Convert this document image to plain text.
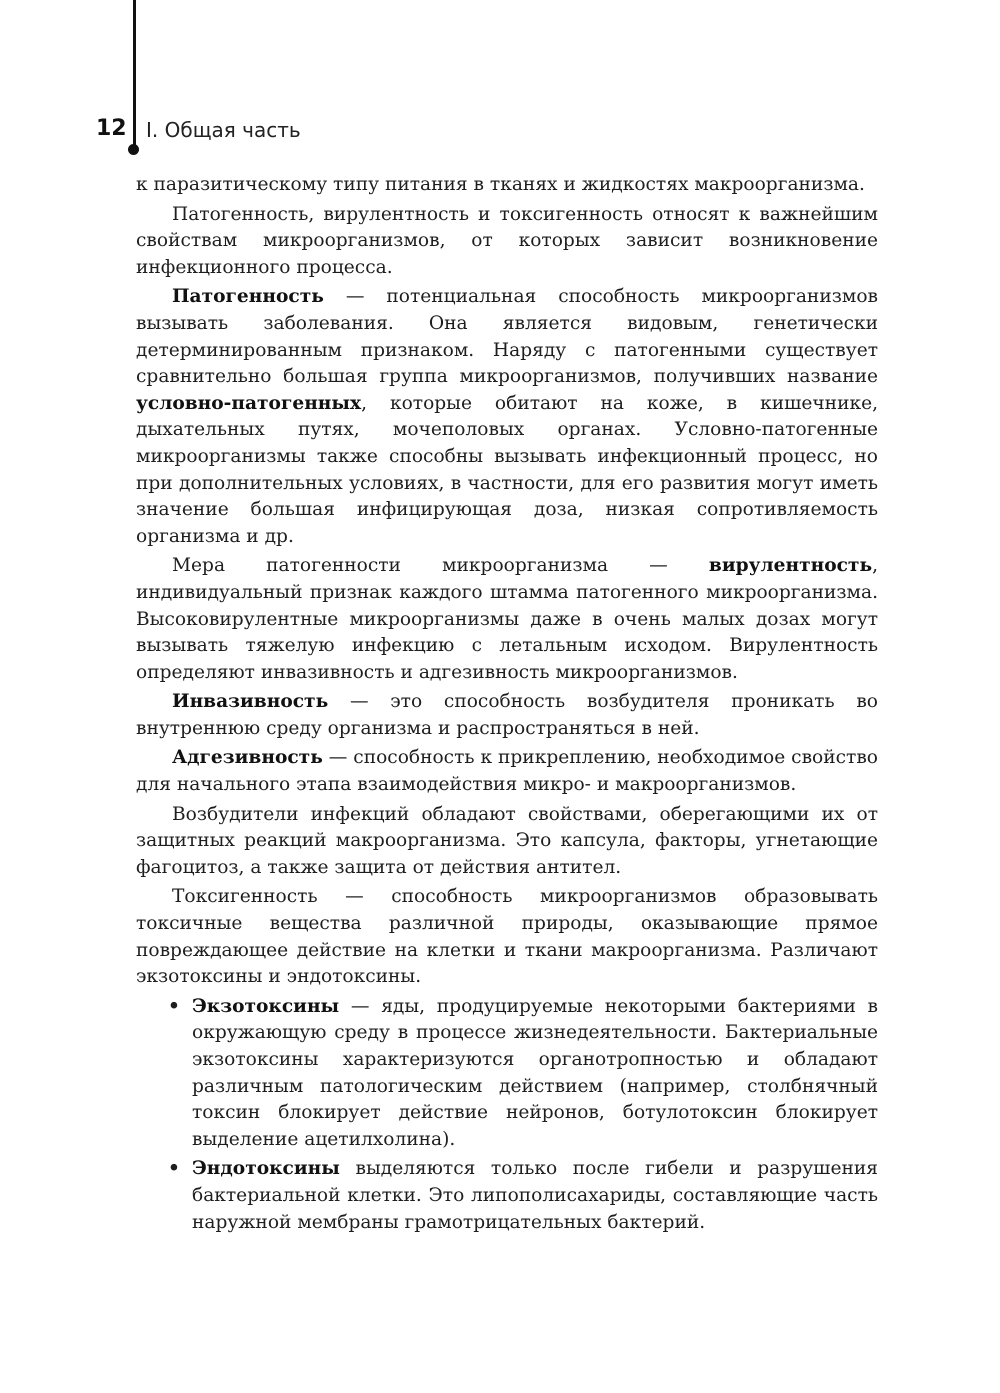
12 I. Общая часть

к паразитическому типу питания в тканях и жидкостях макроорганизма.

Патогенность, вирулентность и токсигенность относят к важнейшим свойствам микроорганизмов, от которых зависит возникновение инфекционного процесса.

Патогенность — потенциальная способность микроорганизмов вызывать заболевания. Она является видовым, генетически детерминированным признаком. Наряду с патогенными существует сравнительно большая группа микроорганизмов, получивших название условно-патогенных, которые обитают на коже, в кишечнике, дыхательных путях, мочеполовых органах. Условно-патогенные микроорганизмы также способны вызывать инфекционный процесс, но при дополнительных условиях, в частности, для его развития могут иметь значение большая инфицирующая доза, низкая сопротивляемость организма и др.

Мера патогенности микроорганизма — вирулентность, индивидуальный признак каждого штамма патогенного микроорганизма. Высоковирулентные микроорганизмы даже в очень малых дозах могут вызывать тяжелую инфекцию с летальным исходом. Вирулентность определяют инвазивность и адгезивность микроорганизмов.

Инвазивность — это способность возбудителя проникать во внутреннюю среду организма и распространяться в ней.

Адгезивность — способность к прикреплению, необходимое свойство для начального этапа взаимодействия микро- и макроорганизмов.

Возбудители инфекций обладают свойствами, оберегающими их от защитных реакций макроорганизма. Это капсула, факторы, угнетающие фагоцитоз, а также защита от действия антител.

Токсигенность — способность микроорганизмов образовывать токсичные вещества различной природы, оказывающие прямое повреждающее действие на клетки и ткани макроорганизма. Различают экзотоксины и эндотоксины.

• Экзотоксины — яды, продуцируемые некоторыми бактериями в окружающую среду в процессе жизнедеятельности. Бактериальные экзотоксины характеризуются органотропностью и обладают различным патологическим действием (например, столбнячный токсин блокирует действие нейронов, ботулотоксин блокирует выделение ацетилхолина).
• Эндотоксины выделяются только после гибели и разрушения бактериальной клетки. Это липополисахариды, составляющие часть наружной мембраны грамотрицательных бактерий.
